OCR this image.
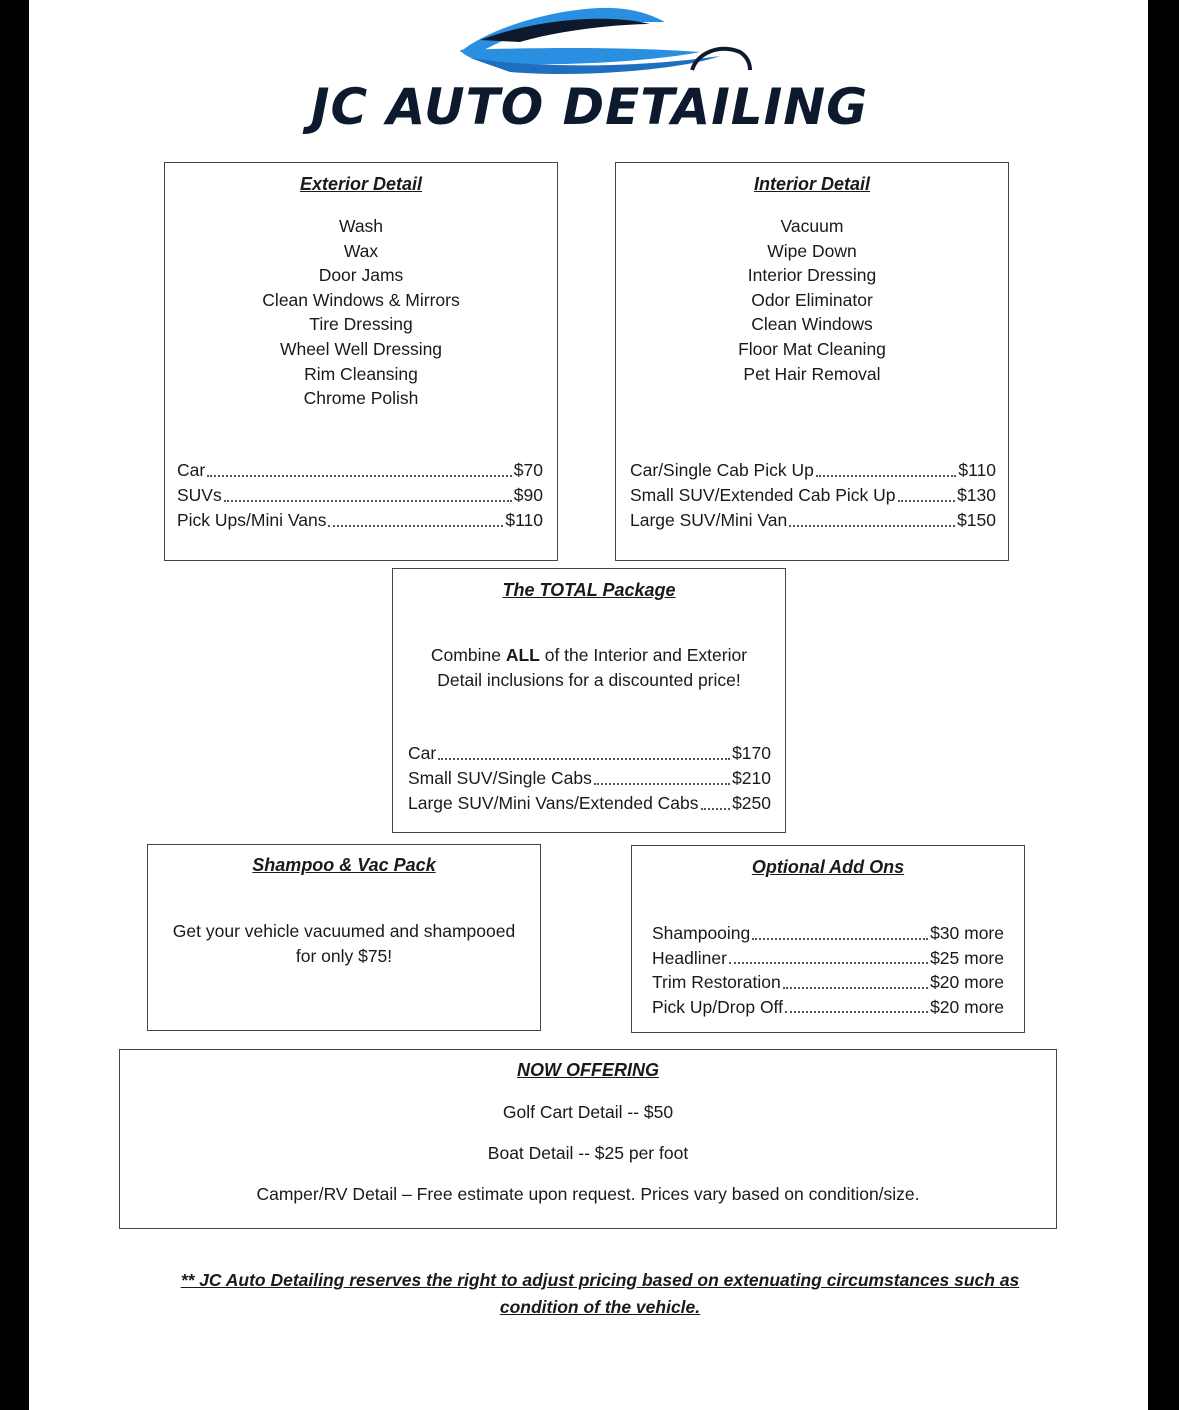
JC AUTO DETAILING
Exterior Detail
Wash
Wax
Door Jams
Clean Windows & Mirrors
Tire Dressing
Wheel Well Dressing
Rim Cleansing
Chrome Polish
Car	$70
SUVs	$90
Pick Ups/Mini Vans	$110
Interior Detail
Vacuum
Wipe Down
Interior Dressing
Odor Eliminator
Clean Windows
Floor Mat Cleaning
Pet Hair Removal
Car/Single Cab Pick Up	$110
Small SUV/Extended Cab Pick Up	$130
Large SUV/Mini Van	$150
The TOTAL Package
Combine ALL of the Interior and Exterior
Detail inclusions for a discounted price!
Car	$170
Small SUV/Single Cabs	$210
Large SUV/Mini Vans/Extended Cabs $250
Shampoo & Vac Pack
Get your vehicle vacuumed and shampooed
for only $75!
Optional Add Ons
Shampooing	$30 more
Headliner	$25 more
Trim Restoration	$20 more
Pick Up/Drop Off	$20 more
NOW OFFERING
Golf Cart Detail -- $50
Boat Detail -- $25 per foot
Camper/RV Detail – Free estimate upon request. Prices vary based on condition/size.
** JC Auto Detailing reserves the right to adjust pricing based on extenuating circumstances such as
condition of the vehicle.
